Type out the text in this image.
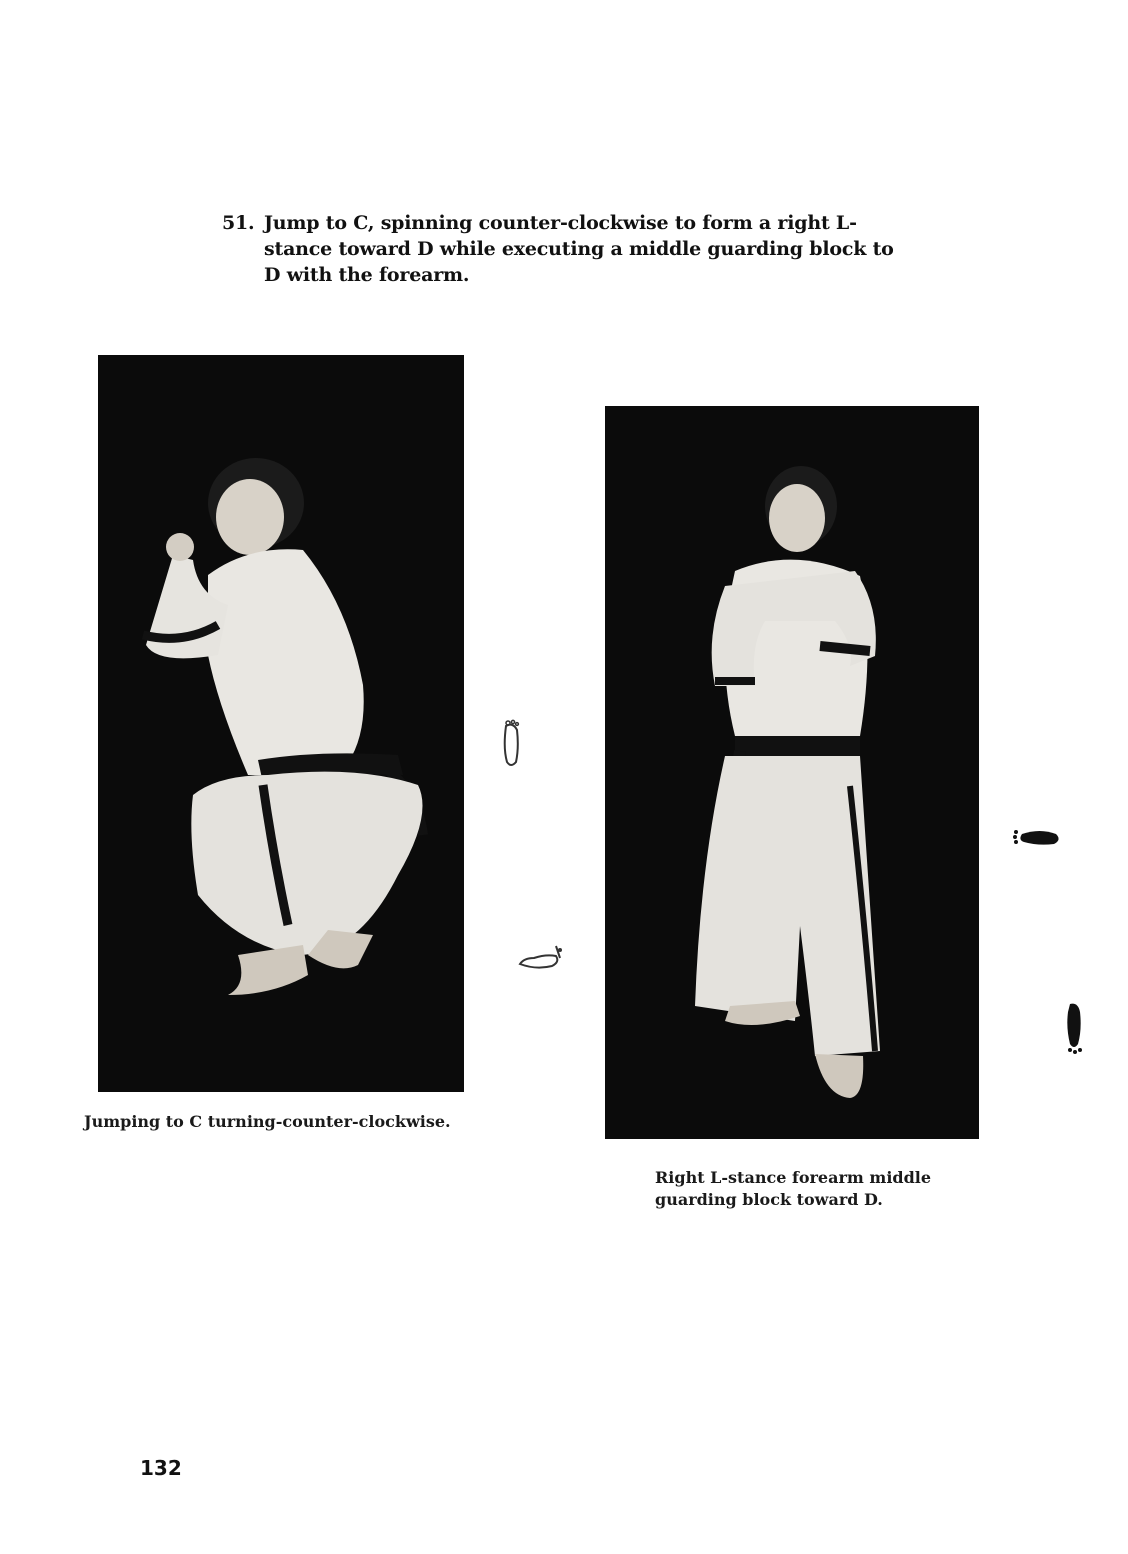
51. Jump to C, spinning counter-clockwise to form a right L-stance toward D while executing a middle guarding block to D with the forearm.
Jumping to C turning-counter-clockwise.
Right L-stance forearm middle guarding block toward D.
132
